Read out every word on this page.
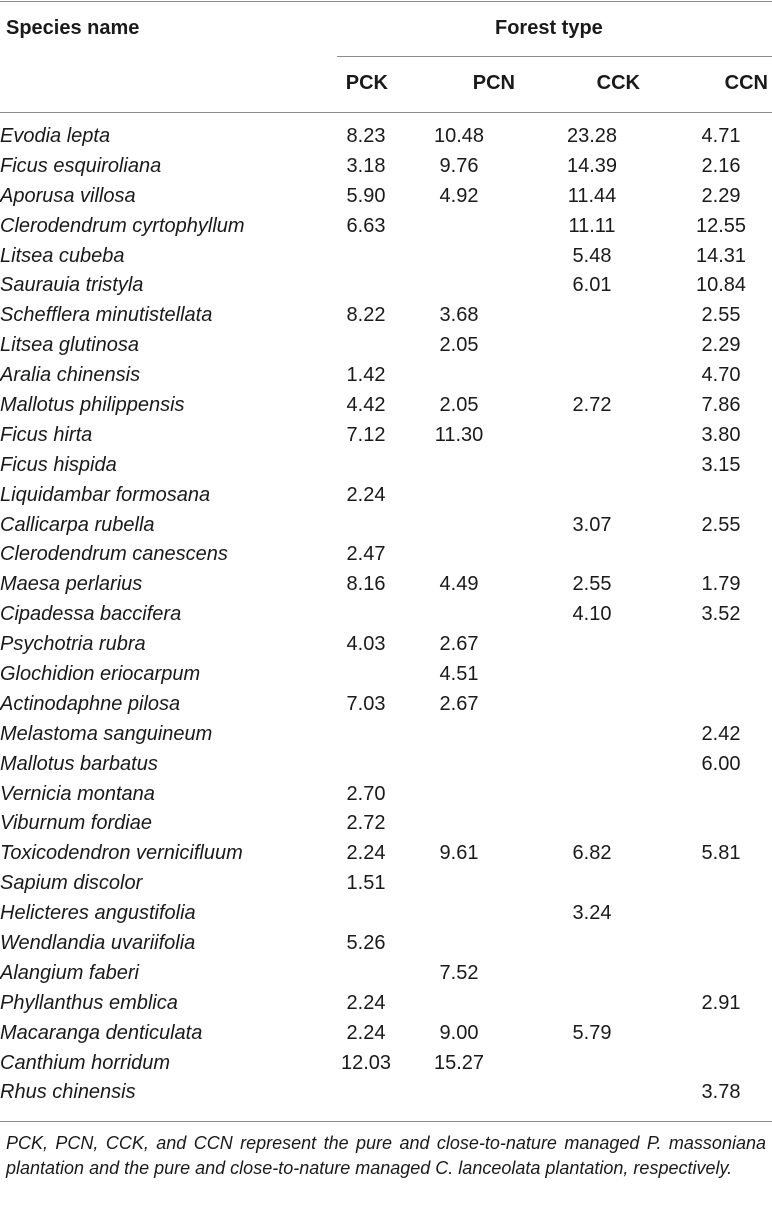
Species name	Forest type
PCK	PCN	CCK	CCN
Evodia lepta	8.23	10.48	23.28	4.71
Ficus esquiroliana	3.18	9.76	14.39	2.16
Aporusa villosa	5.90	4.92	11.44	2.29
Clerodendrum cyrtophyllum	6.63		11.11	12.55
Litsea cubeba			5.48	14.31
Saurauia tristyla			6.01	10.84
Schefflera minutistellata	8.22	3.68		2.55
Litsea glutinosa		2.05		2.29
Aralia chinensis	1.42			4.70
Mallotus philippensis	4.42	2.05	2.72	7.86
Ficus hirta	7.12	11.30		3.80
Ficus hispida				3.15
Liquidambar formosana	2.24			
Callicarpa rubella			3.07	2.55
Clerodendrum canescens	2.47			
Maesa perlarius	8.16	4.49	2.55	1.79
Cipadessa baccifera			4.10	3.52
Psychotria rubra	4.03	2.67		
Glochidion eriocarpum		4.51		
Actinodaphne pilosa	7.03	2.67		
Melastoma sanguineum				2.42
Mallotus barbatus				6.00
Vernicia montana	2.70			
Viburnum fordiae	2.72			
Toxicodendron vernicifluum	2.24	9.61	6.82	5.81
Sapium discolor	1.51			
Helicteres angustifolia			3.24	
Wendlandia uvariifolia	5.26			
Alangium faberi		7.52		
Phyllanthus emblica	2.24			2.91
Macaranga denticulata	2.24	9.00	5.79	
Canthium horridum	12.03	15.27		
Rhus chinensis				3.78
PCK, PCN, CCK, and CCN represent the pure and close-to-nature managed P. massoniana plantation and the pure and close-to-nature managed C. lanceolata plantation, respectively.
